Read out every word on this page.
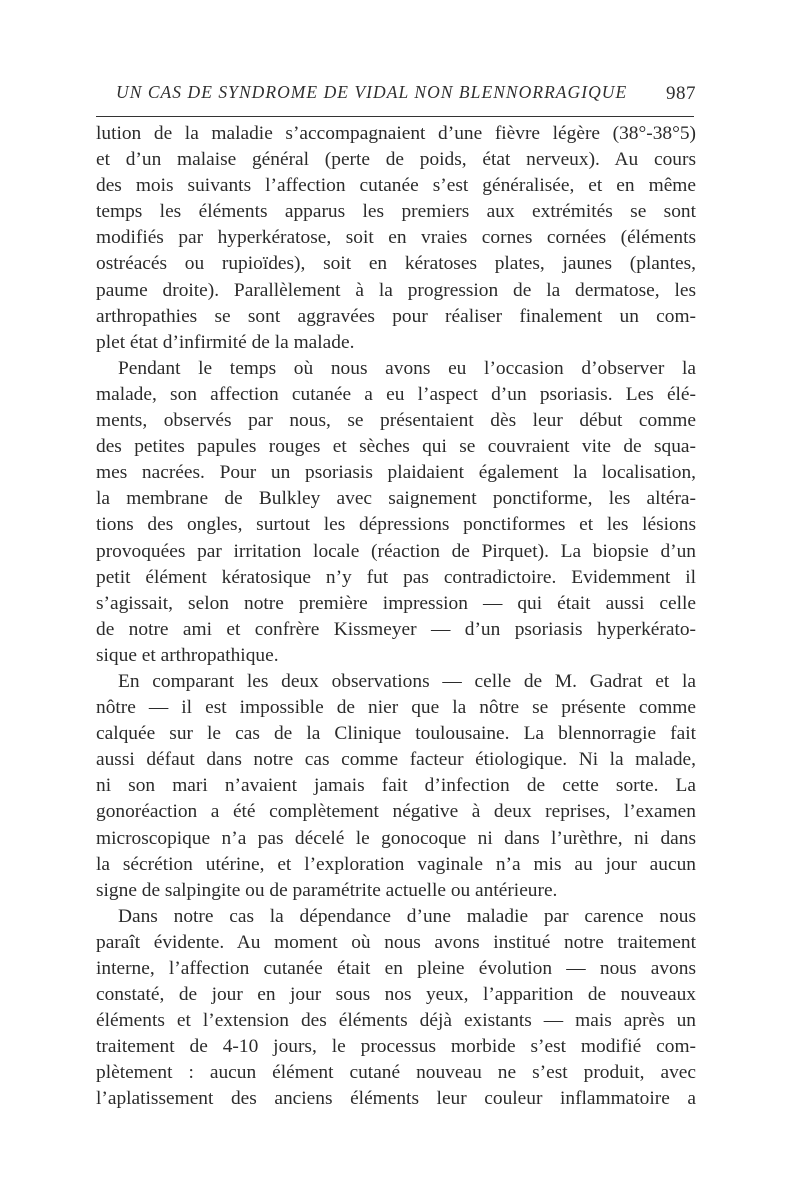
UN CAS DE SYNDROME DE VIDAL NON BLENNORRAGIQUE 987
lution de la maladie s’accompagnaient d’une fièvre légère (38°-38°5)
et d’un malaise général (perte de poids, état nerveux). Au cours
des mois suivants l’affection cutanée s’est généralisée, et en même
temps les éléments apparus les premiers aux extrémités se sont
modifiés par hyperkératose, soit en vraies cornes cornées (éléments
ostréacés ou rupioïdes), soit en kératoses plates, jaunes (plantes,
paume droite). Parallèlement à la progression de la dermatose, les
arthropathies se sont aggravées pour réaliser finalement un com-
plet état d’infirmité de la malade.
Pendant le temps où nous avons eu l’occasion d’observer la
malade, son affection cutanée a eu l’aspect d’un psoriasis. Les élé-
ments, observés par nous, se présentaient dès leur début comme
des petites papules rouges et sèches qui se couvraient vite de squa-
mes nacrées. Pour un psoriasis plaidaient également la localisation,
la membrane de Bulkley avec saignement ponctiforme, les altéra-
tions des ongles, surtout les dépressions ponctiformes et les lésions
provoquées par irritation locale (réaction de Pirquet). La biopsie d’un
petit élément kératosique n’y fut pas contradictoire. Evidemment il
s’agissait, selon notre première impression — qui était aussi celle
de notre ami et confrère Kissmeyer — d’un psoriasis hyperkérato-
sique et arthropathique.
En comparant les deux observations — celle de M. Gadrat et la
nôtre — il est impossible de nier que la nôtre se présente comme
calquée sur le cas de la Clinique toulousaine. La blennorragie fait
aussi défaut dans notre cas comme facteur étiologique. Ni la malade,
ni son mari n’avaient jamais fait d’infection de cette sorte. La
gonoréaction a été complètement négative à deux reprises, l’examen
microscopique n’a pas décelé le gonocoque ni dans l’urèthre, ni dans
la sécrétion utérine, et l’exploration vaginale n’a mis au jour aucun
signe de salpingite ou de paramétrite actuelle ou antérieure.
Dans notre cas la dépendance d’une maladie par carence nous
paraît évidente. Au moment où nous avons institué notre traitement
interne, l’affection cutanée était en pleine évolution — nous avons
constaté, de jour en jour sous nos yeux, l’apparition de nouveaux
éléments et l’extension des éléments déjà existants — mais après un
traitement de 4-10 jours, le processus morbide s’est modifié com-
plètement : aucun élément cutané nouveau ne s’est produit, avec
l’aplatissement des anciens éléments leur couleur inflammatoire a
